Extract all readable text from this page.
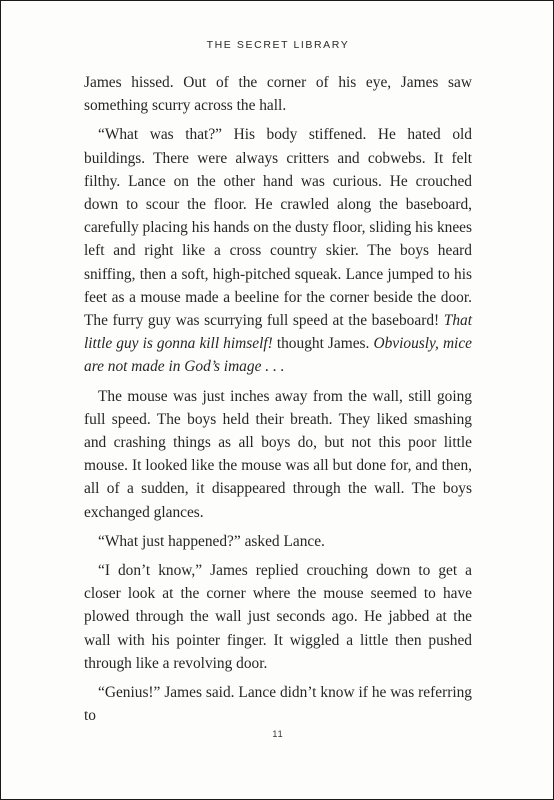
THE SECRET LIBRARY

James hissed. Out of the corner of his eye, James saw something scurry across the hall.

“What was that?” His body stiffened. He hated old buildings. There were always critters and cobwebs. It felt filthy. Lance on the other hand was curious. He crouched down to scour the floor. He crawled along the baseboard, carefully placing his hands on the dusty floor, sliding his knees left and right like a cross country skier. The boys heard sniffing, then a soft, high-pitched squeak. Lance jumped to his feet as a mouse made a beeline for the corner beside the door. The furry guy was scurrying full speed at the baseboard! That little guy is gonna kill himself! thought James. Obviously, mice are not made in God’s image . . .

The mouse was just inches away from the wall, still going full speed. The boys held their breath. They liked smashing and crashing things as all boys do, but not this poor little mouse. It looked like the mouse was all but done for, and then, all of a sudden, it disappeared through the wall. The boys exchanged glances.

“What just happened?” asked Lance.

“I don’t know,” James replied crouching down to get a closer look at the corner where the mouse seemed to have plowed through the wall just seconds ago. He jabbed at the wall with his pointer finger. It wiggled a little then pushed through like a revolving door.

“Genius!” James said. Lance didn’t know if he was referring to

11
